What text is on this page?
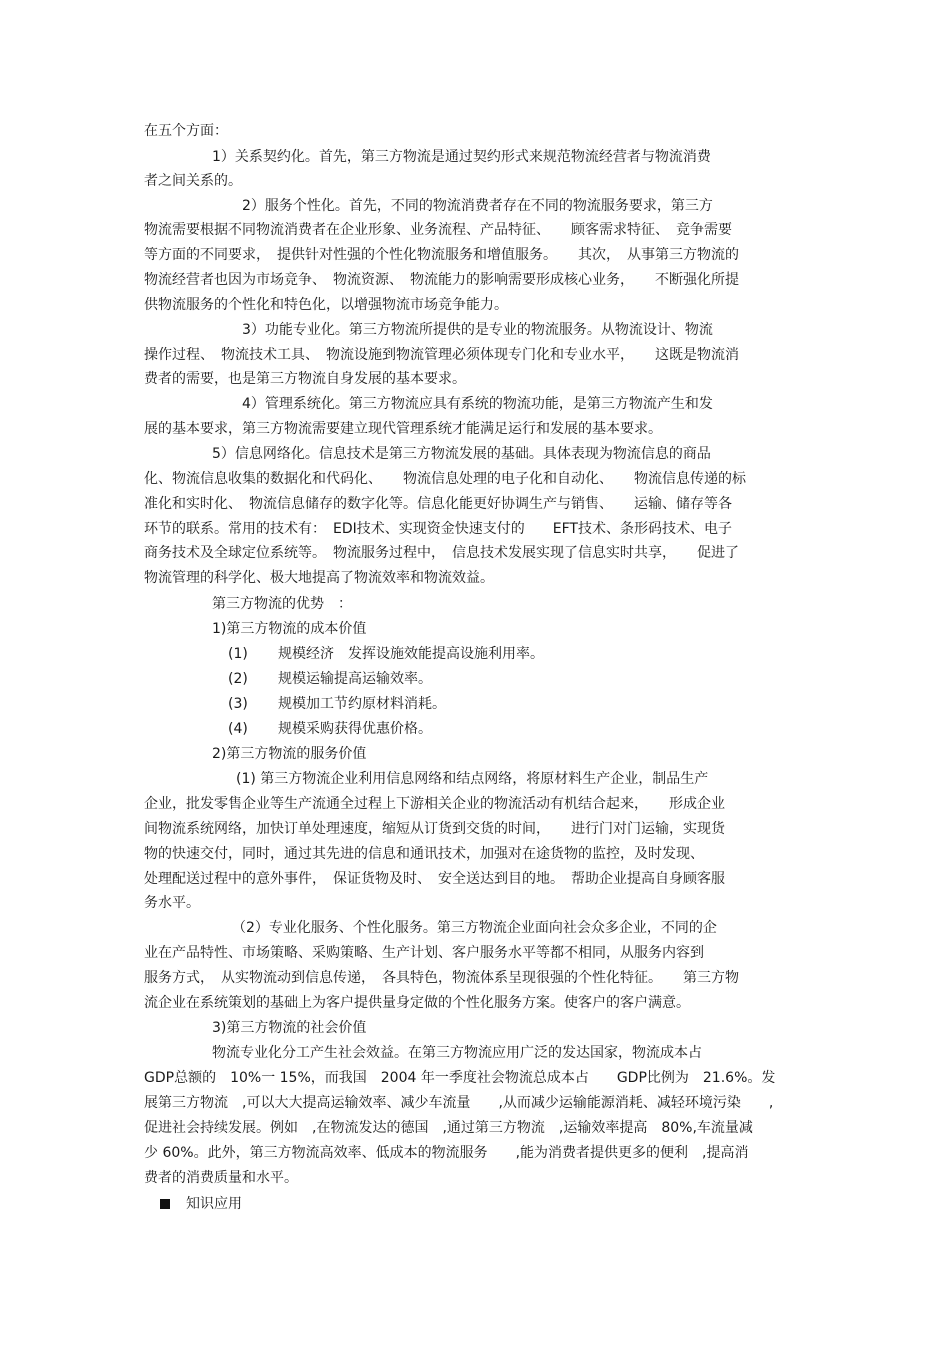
在五个方面：

1）关系契约化。首先，第三方物流是通过契约形式来规范物流经营者与物流消费

者之间关系的。

2）服务个性化。首先，不同的物流消费者存在不同的物流服务要求，第三方

物流需要根据不同物流消费者在企业形象、业务流程、产品特征、　　顾客需求特征、　竞争需要

等方面的不同要求，　提供针对性强的个性化物流服务和增值服务。　　其次，　从事第三方物流的

物流经营者也因为市场竞争、　物流资源、　物流能力的影响需要形成核心业务，　　不断强化所提

供物流服务的个性化和特色化，以增强物流市场竞争能力。

3）功能专业化。第三方物流所提供的是专业的物流服务。从物流设计、物流

操作过程、　物流技术工具、　物流设施到物流管理必须体现专门化和专业水平，　　这既是物流消

费者的需要，也是第三方物流自身发展的基本要求。

4）管理系统化。第三方物流应具有系统的物流功能，是第三方物流产生和发

展的基本要求，第三方物流需要建立现代管理系统才能满足运行和发展的基本要求。

5）信息网络化。信息技术是第三方物流发展的基础。具体表现为物流信息的商品

化、物流信息收集的数据化和代码化、　　物流信息处理的电子化和自动化、　　物流信息传递的标

准化和实时化、　物流信息储存的数字化等。信息化能更好协调生产与销售、　　运输、储存等各

环节的联系。常用的技术有：　EDI技术、实现资金快速支付的　　EFT技术、条形码技术、电子

商务技术及全球定位系统等。　物流服务过程中，　信息技术发展实现了信息实时共享，　　促进了

物流管理的科学化、极大地提高了物流效率和物流效益。

第三方物流的优势　：

1)第三方物流的成本价值

(1) 规模经济　发挥设施效能提高设施利用率。

(2) 规模运输提高运输效率。

(3) 规模加工节约原材料消耗。

(4) 规模采购获得优惠价格。

2)第三方物流的服务价值

(1) 第三方物流企业利用信息网络和结点网络，将原材料生产企业，制品生产

企业，批发零售企业等生产流通全过程上下游相关企业的物流活动有机结合起来，　　形成企业

间物流系统网络，加快订单处理速度，缩短从订货到交货的时间，　　进行门对门运输，实现货

物的快速交付，同时，通过其先进的信息和通讯技术，加强对在途货物的监控，及时发现、

处理配送过程中的意外事件，　保证货物及时、　安全送达到目的地。　帮助企业提高自身顾客服

务水平。

（2）专业化服务、个性化服务。第三方物流企业面向社会众多企业，不同的企

业在产品特性、市场策略、采购策略、生产计划、客户服务水平等都不相同，从服务内容到

服务方式，　从实物流动到信息传递，　各具特色，物流体系呈现很强的个性化特征。　　第三方物

流企业在系统策划的基础上为客户提供量身定做的个性化服务方案。使客户的客户满意。

3)第三方物流的社会价值

物流专业化分工产生社会效益。在第三方物流应用广泛的发达国家，物流成本占

GDP总额的　10%一 15%，而我国　2004 年一季度社会物流总成本占　　GDP比例为　21.6%。发

展第三方物流　,可以大大提高运输效率、减少车流量　　,从而减少运输能源消耗、减轻环境污染　　,

促进社会持续发展。例如　,在物流发达的德国　,通过第三方物流　,运输效率提高　80%,车流量减

少 60%。此外，第三方物流高效率、低成本的物流服务　　,能为消费者提供更多的便利　,提高消

费者的消费质量和水平。

知识应用
